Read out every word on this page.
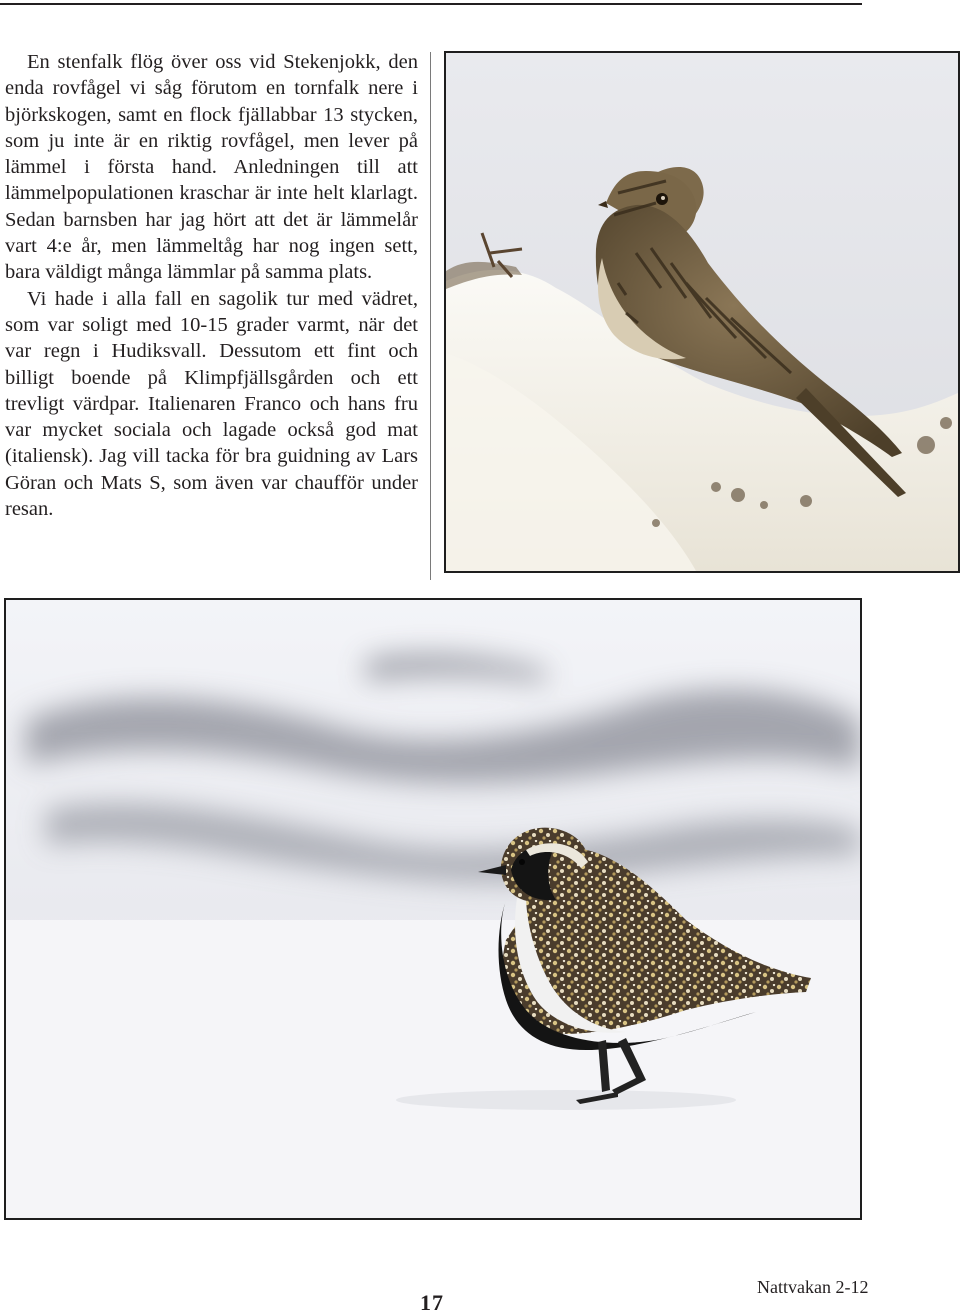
En stenfalk flög över oss vid Stekenjokk, den enda rovfågel vi såg förutom en tornfalk nere i björkskogen, samt en flock fjällabbar 13 stycken, som ju inte är en riktig rovfågel, men lever på lämmel i första hand. Anledningen till att lämmelpopulationen kraschar är inte helt klarlagt. Sedan barnsben har jag hört att det är lämmelår vart 4:e år, men lämmeltåg har nog ingen sett, bara väldigt många lämmlar på samma plats.

Vi hade i alla fall en sagolik tur med vädret, som var soligt med 10-15 grader varmt, när det var regn i Hudiksvall. Dessutom ett fint och billigt boende på Klimpfjällsgården och ett trevligt värdpar. Italienaren Franco och hans fru var mycket sociala och lagade också god mat (italiensk). Jag vill tacka för bra guidning av Lars Göran och Mats S, som även var chaufför under resan.

17
Nattvakan 2-12
